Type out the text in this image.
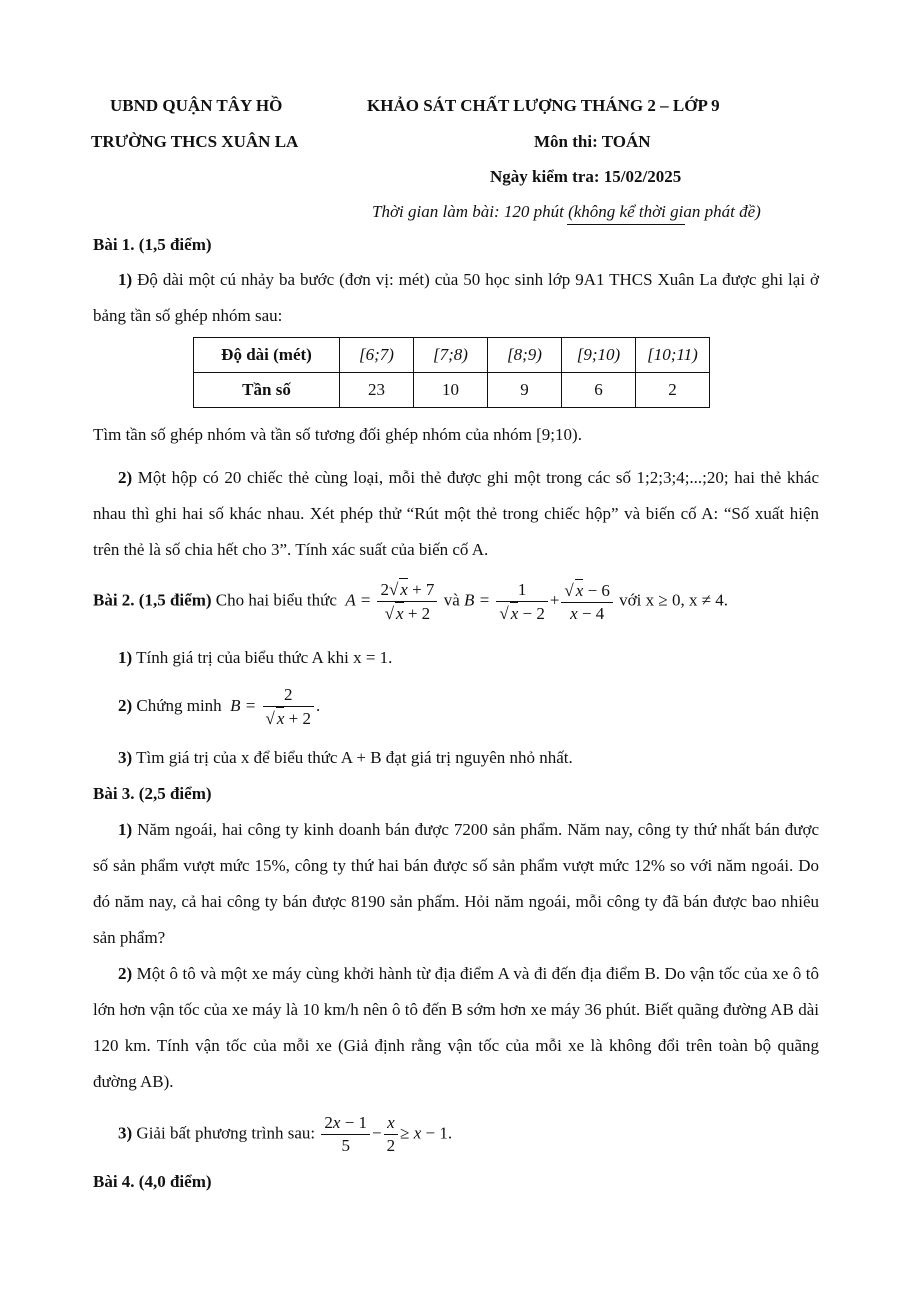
UBND QUẬN TÂY HỒ
TRƯỜNG THCS XUÂN LA
KHẢO SÁT CHẤT LƯỢNG THÁNG 2 – LỚP 9
Môn thi: TOÁN
Ngày kiểm tra: 15/02/2025
Thời gian làm bài: 120 phút (không kể thời gian phát đề)
Bài 1. (1,5 điểm)
1) Độ dài một cú nhảy ba bước (đơn vị: mét) của 50 học sinh lớp 9A1 THCS Xuân La được ghi lại ở bảng tần số ghép nhóm sau:
Độ dài (mét)	[6;7)	[7;8)	[8;9)	[9;10)	[10;11)
Tần số	23	10	9	6	2
Tìm tần số ghép nhóm và tần số tương đối ghép nhóm của nhóm [9;10).
2) Một hộp có 20 chiếc thẻ cùng loại, mỗi thẻ được ghi một trong các số 1;2;3;4;...;20; hai thẻ khác nhau thì ghi hai số khác nhau. Xét phép thử “Rút một thẻ trong chiếc hộp” và biến cố A: “Số xuất hiện trên thẻ là số chia hết cho 3”. Tính xác suất của biến cố A.
Bài 2. (1,5 điểm) Cho hai biểu thức  $A = \frac{2√ x + 7}{√ x + 2}$ và $B = \frac{1}{√ x - 2} + \frac{√ x - 6}{x - 4}$ với x ≥ 0, x ≠ 4.
1) Tính giá trị của biểu thức A khi x = 1.
2) Chứng minh  $B = \frac{2}{√ x + 2}$ .
3) Tìm giá trị của x để biểu thức A + B đạt giá trị nguyên nhỏ nhất.
Bài 3. (2,5 điểm)
1) Năm ngoái, hai công ty kinh doanh bán được 7200 sản phẩm. Năm nay, công ty thứ nhất bán được số sản phẩm vượt mức 15%, công ty thứ hai bán được số sản phẩm vượt mức 12% so với năm ngoái. Do đó năm nay, cả hai công ty bán được 8190 sản phẩm. Hỏi năm ngoái, mỗi công ty đã bán được bao nhiêu sản phẩm?
2) Một ô tô và một xe máy cùng khởi hành từ địa điểm A và đi đến địa điểm B. Do vận tốc của xe ô tô lớn hơn vận tốc của xe máy là 10 km/h nên ô tô đến B sớm hơn xe máy 36 phút. Biết quãng đường AB dài 120 km. Tính vận tốc của mỗi xe (Giả định rằng vận tốc của mỗi xe là không đổi trên toàn bộ quãng đường AB).
3) Giải bất phương trình sau: $\frac{2x - 1}{5} - \frac{x}{2} \ge x - 1$.
Bài 4. (4,0 điểm)
